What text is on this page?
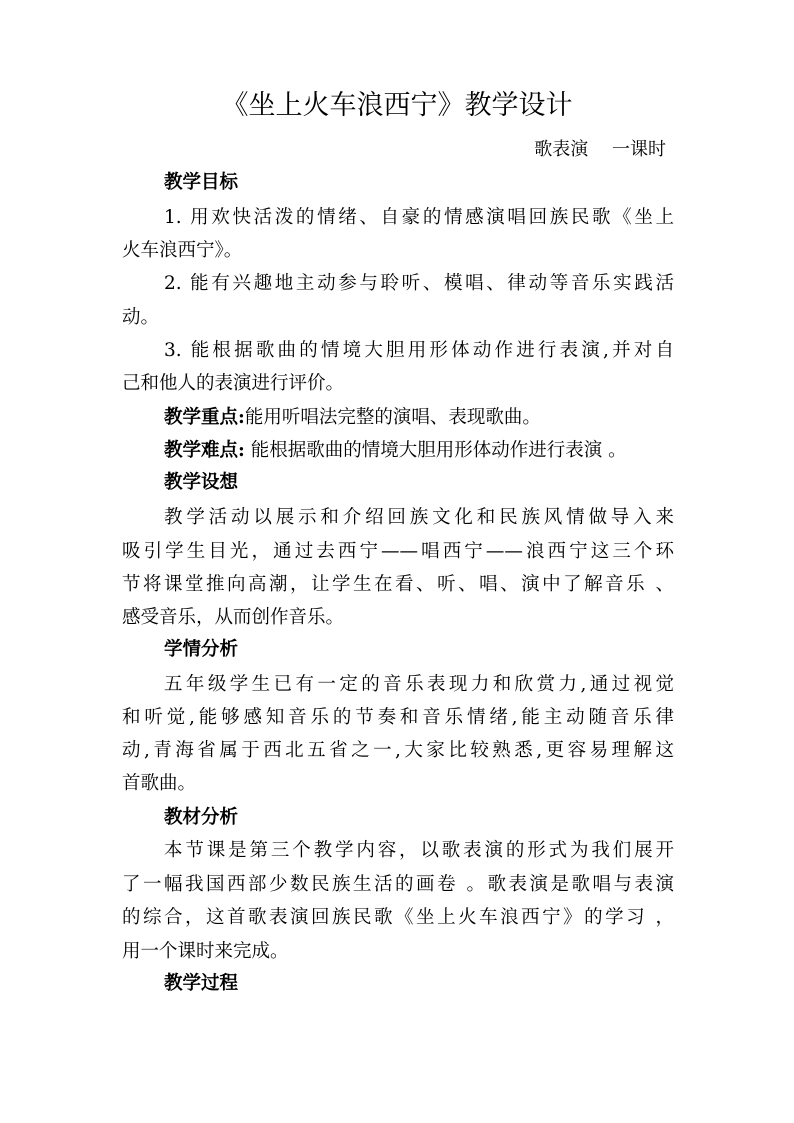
《坐上火车浪西宁》教学设计
歌表演　 一课时
教学目标
1. 用欢快活泼的情绪、自豪的情感演唱回族民歌《坐上
火车浪西宁》。
2. 能有兴趣地主动参与聆听、模唱、律动等音乐实践活
动。
3. 能根据歌曲的情境大胆用形体动作进行表演,并对自
己和他人的表演进行评价。
教学重点:能用听唱法完整的演唱、表现歌曲。
教学难点: 能根据歌曲的情境大胆用形体动作进行表演 。
教学设想
教学活动以展示和介绍回族文化和民族风情做导入来
吸引学生目光，通过去西宁——唱西宁——浪西宁这三个环
节将课堂推向高潮，让学生在看、听、唱、演中了解音乐 、
感受音乐，从而创作音乐。
学情分析
五年级学生已有一定的音乐表现力和欣赏力,通过视觉
和听觉,能够感知音乐的节奏和音乐情绪,能主动随音乐律
动,青海省属于西北五省之一,大家比较熟悉,更容易理解这
首歌曲。
教材分析
本节课是第三个教学内容，以歌表演的形式为我们展开
了一幅我国西部少数民族生活的画卷 。歌表演是歌唱与表演
的综合，这首歌表演回族民歌《坐上火车浪西宁》的学习 ，
用一个课时来完成。
教学过程
